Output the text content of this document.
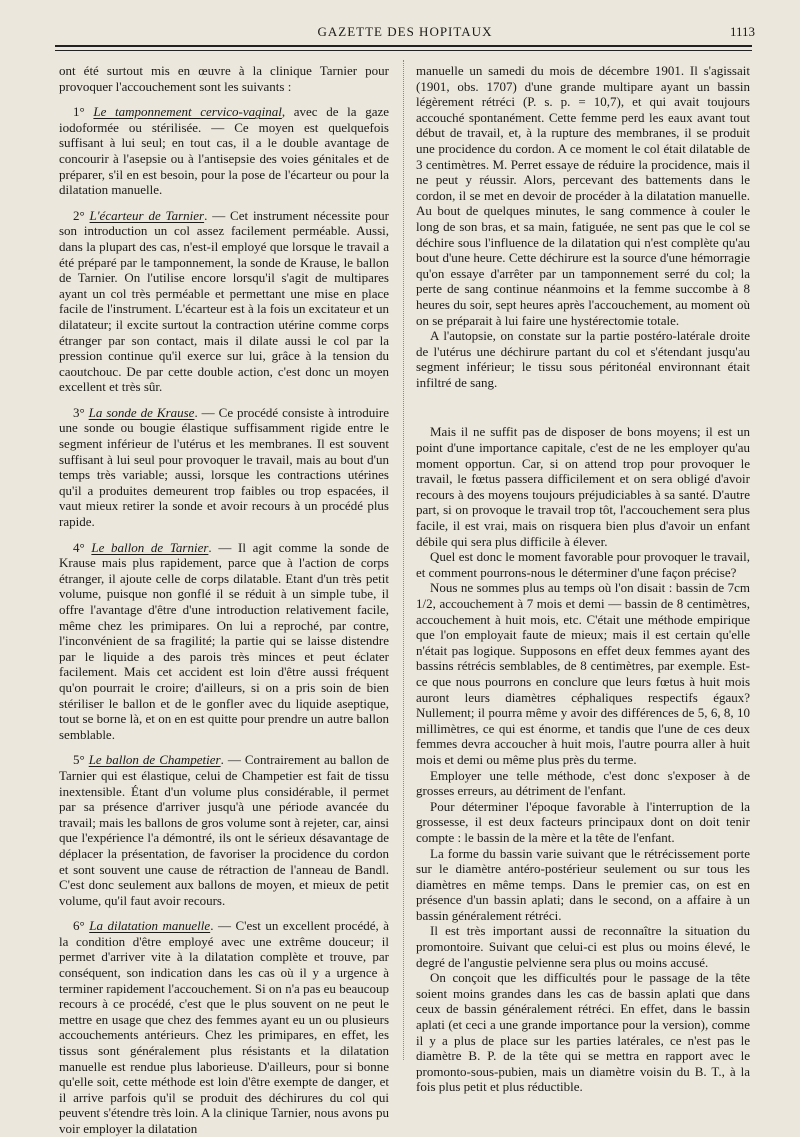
GAZETTE DES HOPITAUX	1113

ont été surtout mis en œuvre à la clinique Tarnier pour provoquer l'accouchement sont les suivants :

1° Le tamponnement cervico-vaginal, avec de la gaze iodoformée ou stérilisée. — Ce moyen est quelquefois suffisant à lui seul; en tout cas, il a le double avantage de concourir à l'asepsie ou à l'antisepsie des voies génitales et de préparer, s'il en est besoin, pour la pose de l'écarteur ou pour la dilatation manuelle.

2° L'écarteur de Tarnier. — Cet instrument nécessite pour son introduction un col assez facilement perméable. Aussi, dans la plupart des cas, n'est-il employé que lorsque le travail a été préparé par le tamponnement, la sonde de Krause, le ballon de Tarnier. On l'utilise encore lorsqu'il s'agit de multipares ayant un col très perméable et permettant une mise en place facile de l'instrument. L'écarteur est à la fois un excitateur et un dilatateur; il excite surtout la contraction utérine comme corps étranger par son contact, mais il dilate aussi le col par la pression continue qu'il exerce sur lui, grâce à la tension du caoutchouc. De par cette double action, c'est donc un moyen excellent et très sûr.

3° La sonde de Krause. — Ce procédé consiste à introduire une sonde ou bougie élastique suffisamment rigide entre le segment inférieur de l'utérus et les membranes. Il est souvent suffisant à lui seul pour provoquer le travail, mais au bout d'un temps très variable; aussi, lorsque les contractions utérines qu'il a produites demeurent trop faibles ou trop espacées, il vaut mieux retirer la sonde et avoir recours à un procédé plus rapide.

4° Le ballon de Tarnier. — Il agit comme la sonde de Krause mais plus rapidement, parce que à l'action de corps étranger, il ajoute celle de corps dilatable. Etant d'un très petit volume, puisque non gonflé il se réduit à un simple tube, il offre l'avantage d'être d'une introduction relativement facile, même chez les primipares. On lui a reproché, par contre, l'inconvénient de sa fragilité; la partie qui se laisse distendre par le liquide a des parois très minces et peut éclater facilement. Mais cet accident est loin d'être aussi fréquent qu'on pourrait le croire; d'ailleurs, si on a pris soin de bien stériliser le ballon et de le gonfler avec du liquide aseptique, tout se borne là, et on en est quitte pour prendre un autre ballon semblable.

5° Le ballon de Champetier. — Contrairement au ballon de Tarnier qui est élastique, celui de Champetier est fait de tissu inextensible. Étant d'un volume plus considérable, il permet par sa présence d'arriver jusqu'à une période avancée du travail; mais les ballons de gros volume sont à rejeter, car, ainsi que l'expérience l'a démontré, ils ont le sérieux désavantage de déplacer la présentation, de favoriser la procidence du cordon et sont souvent une cause de rétraction de l'anneau de Bandl. C'est donc seulement aux ballons de moyen, et mieux de petit volume, qu'il faut avoir recours.

6° La dilatation manuelle. — C'est un excellent procédé, à la condition d'être employé avec une extrême douceur; il permet d'arriver vite à la dilatation complète et trouve, par conséquent, son indication dans les cas où il y a urgence à terminer rapidement l'accouchement. Si on n'a pas eu beaucoup recours à ce procédé, c'est que le plus souvent on ne peut le mettre en usage que chez des femmes ayant eu un ou plusieurs accouchements antérieurs. Chez les primipares, en effet, les tissus sont généralement plus résistants et la dilatation manuelle est rendue plus laborieuse. D'ailleurs, pour si bonne qu'elle soit, cette méthode est loin d'être exempte de danger, et il arrive parfois qu'il se produit des déchirures du col qui peuvent s'étendre très loin. A la clinique Tarnier, nous avons pu voir employer la dilatation

manuelle un samedi du mois de décembre 1901. Il s'agissait (1901, obs. 1707) d'une grande multipare ayant un bassin légèrement rétréci (P. s. p. = 10,7), et qui avait toujours accouché spontanément. Cette femme perd les eaux avant tout début de travail, et, à la rupture des membranes, il se produit une procidence du cordon. A ce moment le col était dilatable de 3 centimètres. M. Perret essaye de réduire la procidence, mais il ne peut y réussir. Alors, percevant des battements dans le cordon, il se met en devoir de procéder à la dilatation manuelle. Au bout de quelques minutes, le sang commence à couler le long de son bras, et sa main, fatiguée, ne sent pas que le col se déchire sous l'influence de la dilatation qui n'est complète qu'au bout d'une heure. Cette déchirure est la source d'une hémorragie qu'on essaye d'arrêter par un tamponnement serré du col; la perte de sang continue néanmoins et la femme succombe à 8 heures du soir, sept heures après l'accouchement, au moment où on se préparait à lui faire une hystérectomie totale.

A l'autopsie, on constate sur la partie postéro-latérale droite de l'utérus une déchirure partant du col et s'étendant jusqu'au segment inférieur; le tissu sous péritonéal environnant était infiltré de sang.

Mais il ne suffit pas de disposer de bons moyens; il est un point d'une importance capitale, c'est de ne les employer qu'au moment opportun. Car, si on attend trop pour provoquer le travail, le fœtus passera difficilement et on sera obligé d'avoir recours à des moyens toujours préjudiciables à sa santé. D'autre part, si on provoque le travail trop tôt, l'accouchement sera plus facile, il est vrai, mais on risquera bien plus d'avoir un enfant débile qui sera plus difficile à élever.

Quel est donc le moment favorable pour provoquer le travail, et comment pourrons-nous le déterminer d'une façon précise?

Nous ne sommes plus au temps où l'on disait : bassin de 7cm 1/2, accouchement à 7 mois et demi — bassin de 8 centimètres, accouchement à huit mois, etc. C'était une méthode empirique que l'on employait faute de mieux; mais il est certain qu'elle n'était pas logique. Supposons en effet deux femmes ayant des bassins rétrécis semblables, de 8 centimètres, par exemple. Est-ce que nous pourrons en conclure que leurs fœtus à huit mois auront leurs diamètres céphaliques respectifs égaux? Nullement; il pourra même y avoir des différences de 5, 6, 8, 10 millimètres, ce qui est énorme, et tandis que l'une de ces deux femmes devra accoucher à huit mois, l'autre pourra aller à huit mois et demi ou même plus près du terme.

Employer une telle méthode, c'est donc s'exposer à de grosses erreurs, au détriment de l'enfant.

Pour déterminer l'époque favorable à l'interruption de la grossesse, il est deux facteurs principaux dont on doit tenir compte : le bassin de la mère et la tête de l'enfant.

La forme du bassin varie suivant que le rétrécissement porte sur le diamètre antéro-postérieur seulement ou sur tous les diamètres en même temps. Dans le premier cas, on est en présence d'un bassin aplati; dans le second, on a affaire à un bassin généralement rétréci.

Il est très important aussi de reconnaître la situation du promontoire. Suivant que celui-ci est plus ou moins élevé, le degré de l'angustie pelvienne sera plus ou moins accusé.

On conçoit que les difficultés pour le passage de la tête soient moins grandes dans les cas de bassin aplati que dans ceux de bassin généralement rétréci. En effet, dans le bassin aplati (et ceci a une grande importance pour la version), comme il y a plus de place sur les parties latérales, ce n'est pas le diamètre B. P. de la tête qui se mettra en rapport avec le promonto-sous-pubien, mais un diamètre voisin du B. T., à la fois plus petit et plus réductible.
